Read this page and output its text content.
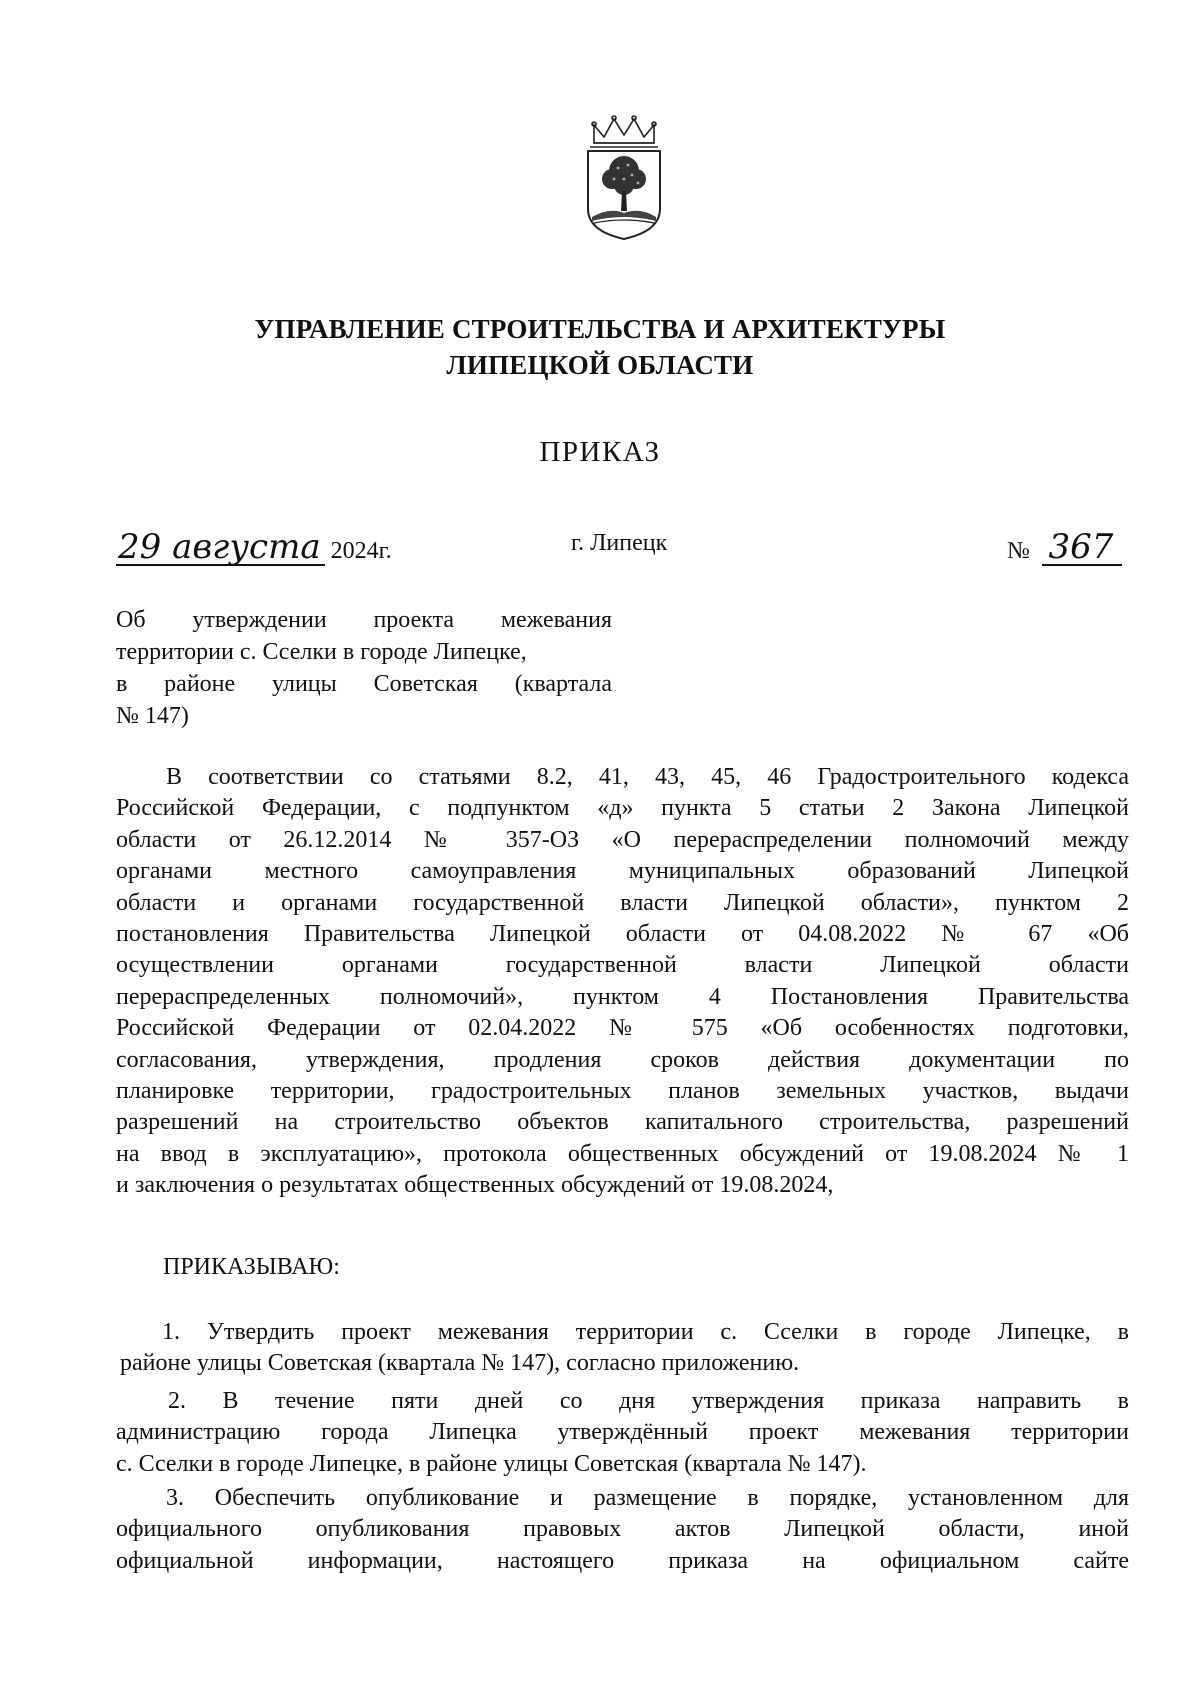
УПРАВЛЕНИЕ СТРОИТЕЛЬСТВА И АРХИТЕКТУРЫ
ЛИПЕЦКОЙ ОБЛАСТИ
ПРИКАЗ
29 августа 2024г.	г. Липецк	№ 367
Об утверждении проекта межевания
территории с. Сселки в городе Липецке,
в районе улицы Советская (квартала
№ 147)
В соответствии со статьями 8.2, 41, 43, 45, 46 Градостроительного кодекса
Российской Федерации, с подпунктом «д» пункта 5 статьи 2 Закона Липецкой
области от 26.12.2014 № 357-ОЗ «О перераспределении полномочий между
органами местного самоуправления муниципальных образований Липецкой
области и органами государственной власти Липецкой области», пунктом 2
постановления Правительства Липецкой области от 04.08.2022 № 67 «Об
осуществлении органами государственной власти Липецкой области
перераспределенных полномочий», пунктом 4 Постановления Правительства
Российской Федерации от 02.04.2022 № 575 «Об особенностях подготовки,
согласования, утверждения, продления сроков действия документации по
планировке территории, градостроительных планов земельных участков, выдачи
разрешений на строительство объектов капитального строительства, разрешений
на ввод в эксплуатацию», протокола общественных обсуждений от 19.08.2024 № 1
и заключения о результатах общественных обсуждений от 19.08.2024,
ПРИКАЗЫВАЮ:
1. Утвердить проект межевания территории с. Сселки в городе Липецке, в
районе улицы Советская (квартала № 147), согласно приложению.
2. В течение пяти дней со дня утверждения приказа направить в
администрацию города Липецка утверждённый проект межевания территории
с. Сселки в городе Липецке, в районе улицы Советская (квартала № 147).
3. Обеспечить опубликование и размещение в порядке, установленном для
официального опубликования правовых актов Липецкой области, иной
официальной информации, настоящего приказа на официальном сайте
